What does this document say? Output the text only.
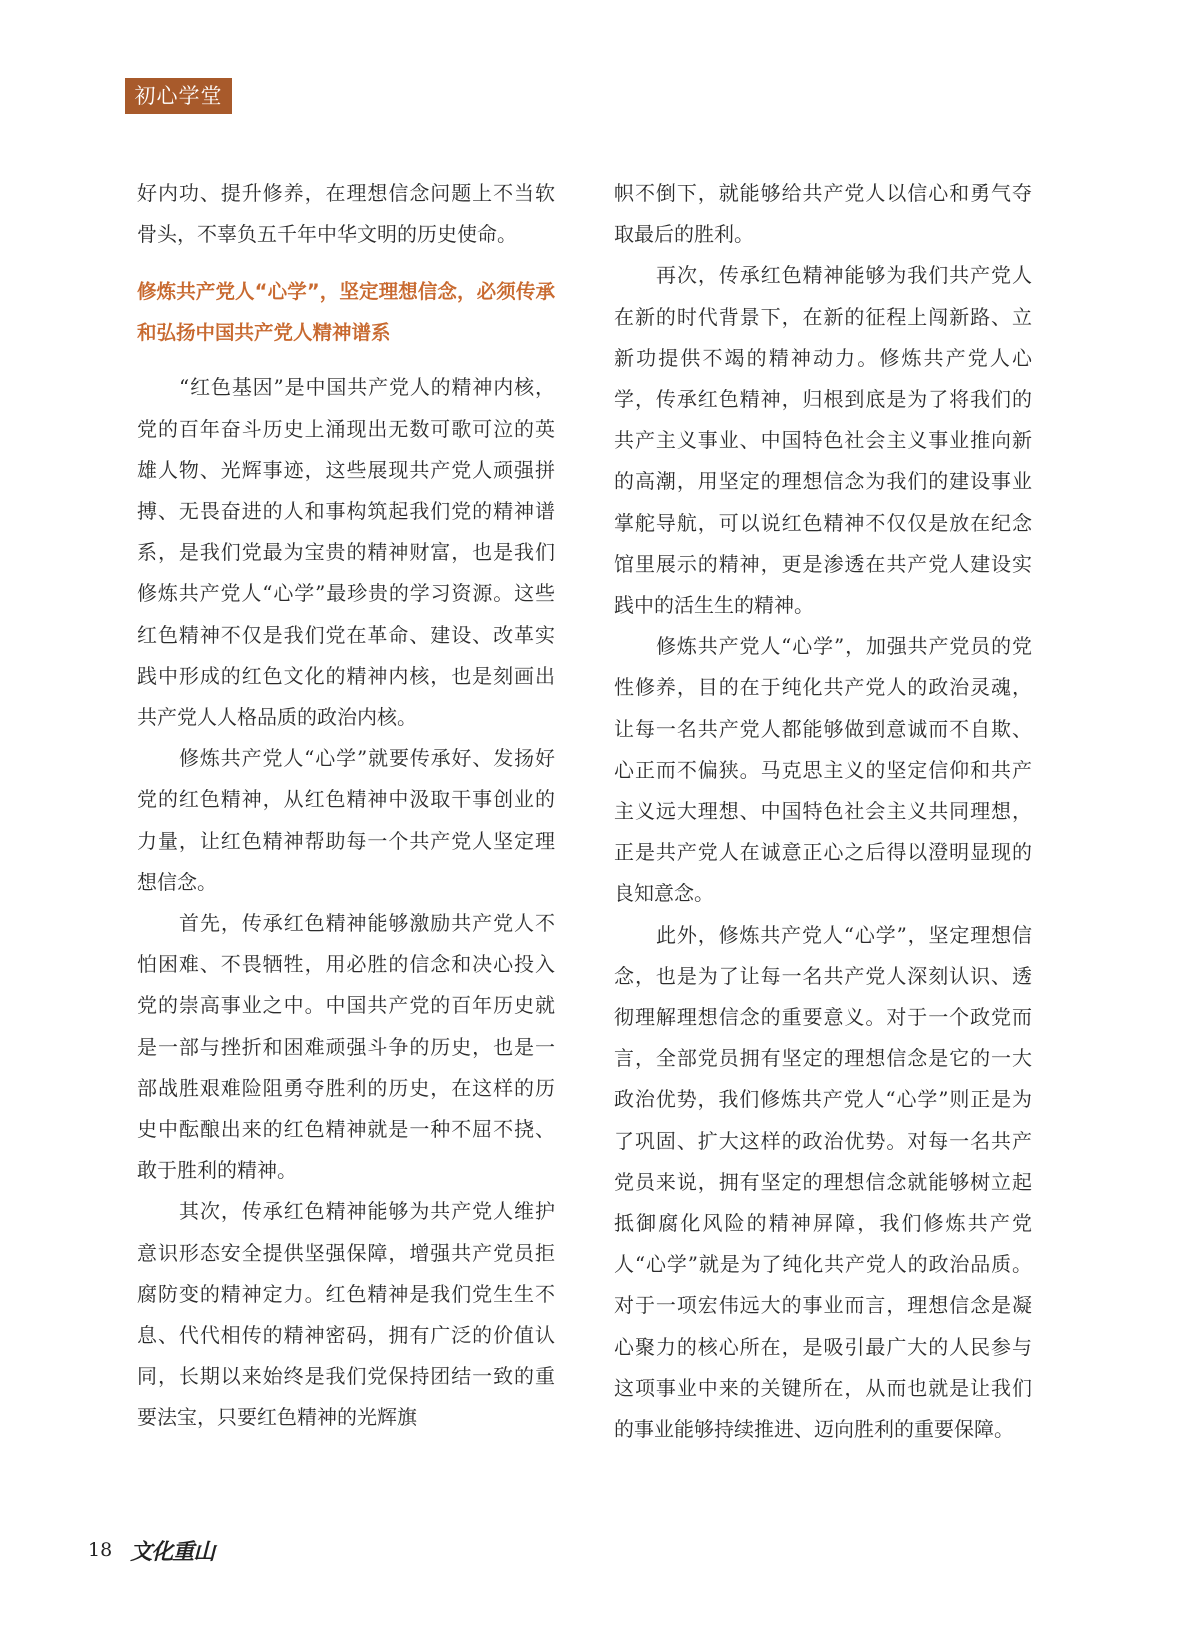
初心学堂

好内功、提升修养，在理想信念问题上不当软骨头，不辜负五千年中华文明的历史使命。

修炼共产党人“心学”，坚定理想信念，必须传承和弘扬中国共产党人精神谱系

“红色基因”是中国共产党人的精神内核，党的百年奋斗历史上涌现出无数可歌可泣的英雄人物、光辉事迹，这些展现共产党人顽强拼搏、无畏奋进的人和事构筑起我们党的精神谱系，是我们党最为宝贵的精神财富，也是我们修炼共产党人“心学”最珍贵的学习资源。这些红色精神不仅是我们党在革命、建设、改革实践中形成的红色文化的精神内核，也是刻画出共产党人人格品质的政治内核。

修炼共产党人“心学”就要传承好、发扬好党的红色精神，从红色精神中汲取干事创业的力量，让红色精神帮助每一个共产党人坚定理想信念。

首先，传承红色精神能够激励共产党人不怕困难、不畏牺牲，用必胜的信念和决心投入党的崇高事业之中。中国共产党的百年历史就是一部与挫折和困难顽强斗争的历史，也是一部战胜艰难险阻勇夺胜利的历史，在这样的历史中酝酿出来的红色精神就是一种不屈不挠、敢于胜利的精神。

其次，传承红色精神能够为共产党人维护意识形态安全提供坚强保障，增强共产党员拒腐防变的精神定力。红色精神是我们党生生不息、代代相传的精神密码，拥有广泛的价值认同，长期以来始终是我们党保持团结一致的重要法宝，只要红色精神的光辉旗

帜不倒下，就能够给共产党人以信心和勇气夺取最后的胜利。

再次，传承红色精神能够为我们共产党人在新的时代背景下，在新的征程上闯新路、立新功提供不竭的精神动力。修炼共产党人心学，传承红色精神，归根到底是为了将我们的共产主义事业、中国特色社会主义事业推向新的高潮，用坚定的理想信念为我们的建设事业掌舵导航，可以说红色精神不仅仅是放在纪念馆里展示的精神，更是渗透在共产党人建设实践中的活生生的精神。

修炼共产党人“心学”，加强共产党员的党性修养，目的在于纯化共产党人的政治灵魂，让每一名共产党人都能够做到意诚而不自欺、心正而不偏狭。马克思主义的坚定信仰和共产主义远大理想、中国特色社会主义共同理想，正是共产党人在诚意正心之后得以澄明显现的良知意念。

此外，修炼共产党人“心学”，坚定理想信念，也是为了让每一名共产党人深刻认识、透彻理解理想信念的重要意义。对于一个政党而言，全部党员拥有坚定的理想信念是它的一大政治优势，我们修炼共产党人“心学”则正是为了巩固、扩大这样的政治优势。对每一名共产党员来说，拥有坚定的理想信念就能够树立起抵御腐化风险的精神屏障，我们修炼共产党人“心学”就是为了纯化共产党人的政治品质。对于一项宏伟远大的事业而言，理想信念是凝心聚力的核心所在，是吸引最广大的人民参与这项事业中来的关键所在，从而也就是让我们的事业能够持续推进、迈向胜利的重要保障。

18 文化重山
